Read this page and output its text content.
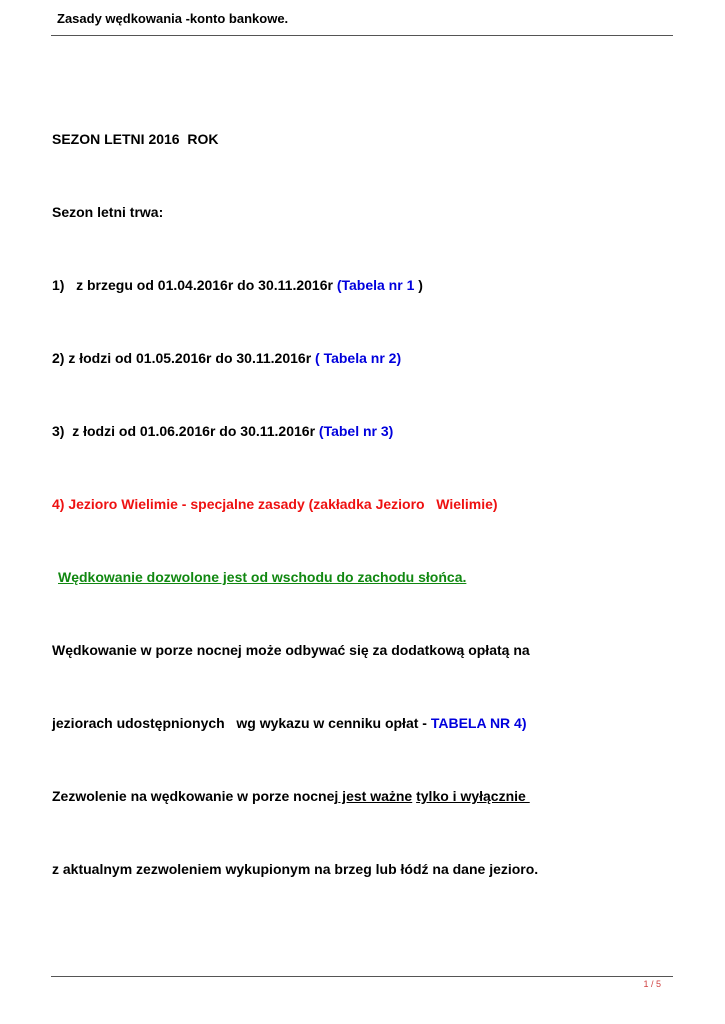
Zasady wędkowania -konto bankowe.
SEZON LETNI 2016  ROK
Sezon letni trwa:
1)   z brzegu od 01.04.2016r do 30.11.2016r (Tabela nr 1 )
2) z łodzi od 01.05.2016r do 30.11.2016r ( Tabela nr 2)
3)  z łodzi od 01.06.2016r do 30.11.2016r (Tabel nr 3)
4) Jezioro Wielimie - specjalne zasady (zakładka Jezioro   Wielimie)
Wędkowanie dozwolone jest od wschodu do zachodu słońca.
Wędkowanie w porze nocnej może odbywać się za dodatkową opłatą na
jeziorach udostępnionych   wg wykazu w cenniku opłat - TABELA NR 4)
Zezwolenie na wędkowanie w porze nocnej jest ważne tylko i wyłącznie
z aktualnym zezwoleniem wykupionym na brzeg lub łódź na dane jezioro.
1 / 5
